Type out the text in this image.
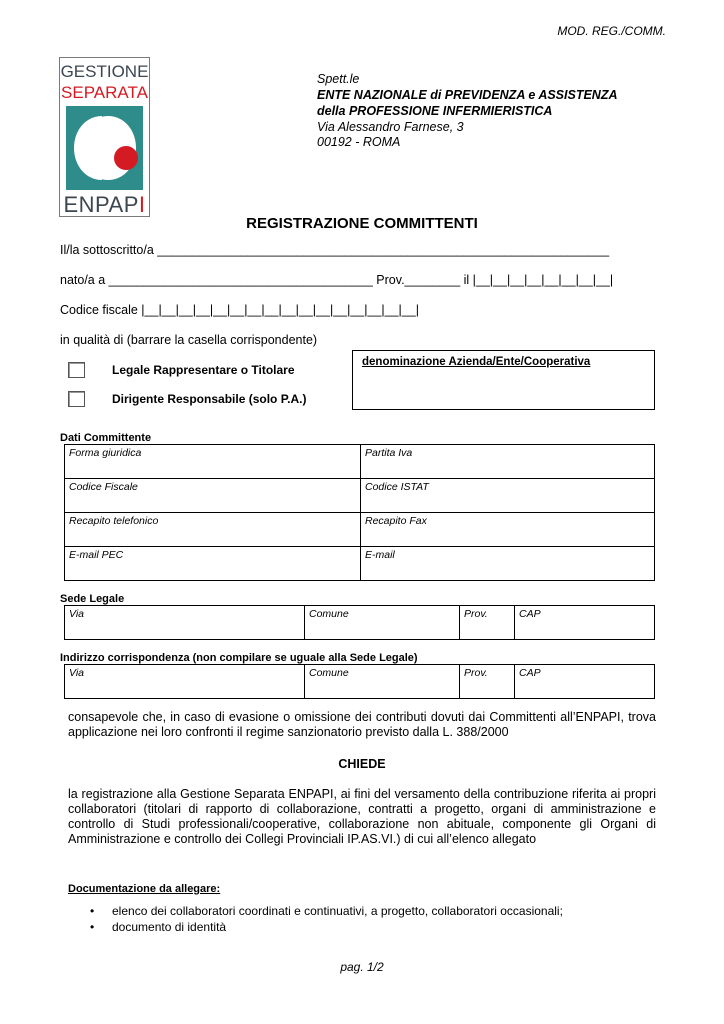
MOD. REG./COMM.
GESTIONE
SEPARATA
ENPAPI
Spett.le
ENTE NAZIONALE di PREVIDENZA e ASSISTENZA
della PROFESSIONE INFERMIERISTICA
Via Alessandro Farnese, 3
00192 - ROMA
REGISTRAZIONE COMMITTENTI
Il/la sottoscritto/a _________________________________________________________________
nato/a a ______________________________________ Prov.________ il |__|__|__|__|__|__|__|__|
Codice fiscale |__|__|__|__|__|__|__|__|__|__|__|__|__|__|__|__|
in qualità di (barrare la casella corrispondente)
Legale Rappresentare o Titolare
Dirigente Responsabile (solo P.A.)
denominazione Azienda/Ente/Cooperativa
Dati Committente
Forma giuridica	Partita Iva
Codice Fiscale	Codice ISTAT
Recapito telefonico	Recapito Fax
E-mail PEC	E-mail
Sede Legale
Via	Comune	Prov.	CAP
Indirizzo corrispondenza (non compilare se uguale alla Sede Legale)
Via	Comune	Prov.	CAP
consapevole che, in caso di evasione o omissione dei contributi dovuti dai Committenti all’ENPAPI, trova applicazione nei loro confronti il regime sanzionatorio previsto dalla L. 388/2000
CHIEDE
la registrazione alla Gestione Separata ENPAPI, ai fini del versamento della contribuzione riferita ai propri collaboratori (titolari di rapporto di collaborazione, contratti a progetto, organi di amministrazione e controllo di Studi professionali/cooperative, collaborazione non abituale, componente gli Organi di Amministrazione e controllo dei Collegi Provinciali IP.AS.VI.) di cui all’elenco allegato
Documentazione da allegare:
• elenco dei collaboratori coordinati e continuativi, a progetto, collaboratori occasionali;
• documento di identità
pag. 1/2
